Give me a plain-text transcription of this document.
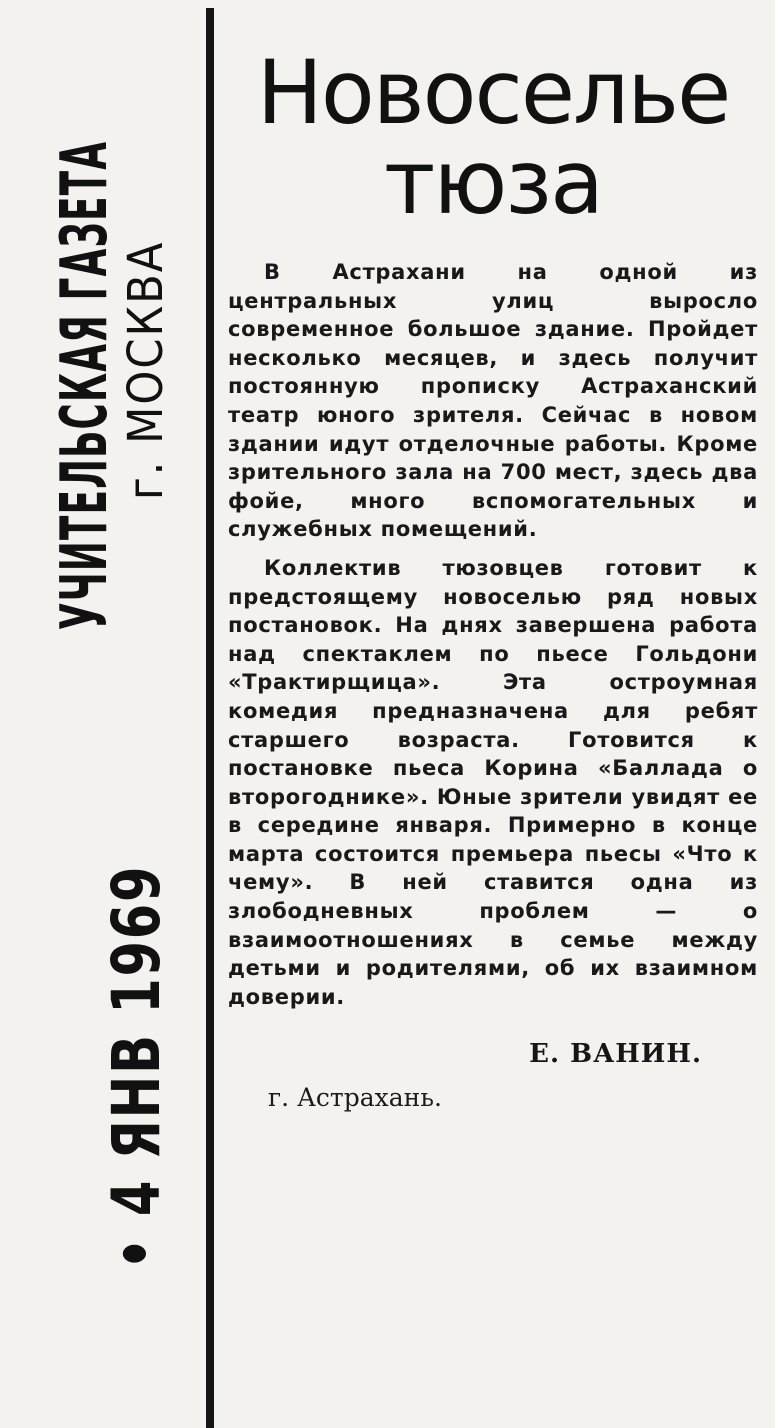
УЧИТЕЛЬСКАЯ ГАЗЕТА
г. МОСКВА
• 4 ЯНВ 1969
Новоселье
тюза

В Астрахани на одной из центральных улиц выросло современное большое здание. Пройдет несколько месяцев, и здесь получит постоянную прописку Астраханский театр юного зрителя. Сейчас в новом здании идут отделочные работы. Кроме зрительного зала на 700 мест, здесь два фойе, много вспомогательных и служебных помещений.

Коллектив тюзовцев готовит к предстоящему новоселью ряд новых постановок. На днях завершена работа над спектаклем по пьесе Гольдони «Трактирщица». Эта остроумная комедия предназначена для ребят старшего возраста. Готовится к постановке пьеса Корина «Баллада о второгоднике». Юные зрители увидят ее в середине января. Примерно в конце марта состоится премьера пьесы «Что к чему». В ней ставится одна из злободневных проблем — о взаимоотношениях в семье между детьми и родителями, об их взаимном доверии.

Е. ВАНИН.
г. Астрахань.
